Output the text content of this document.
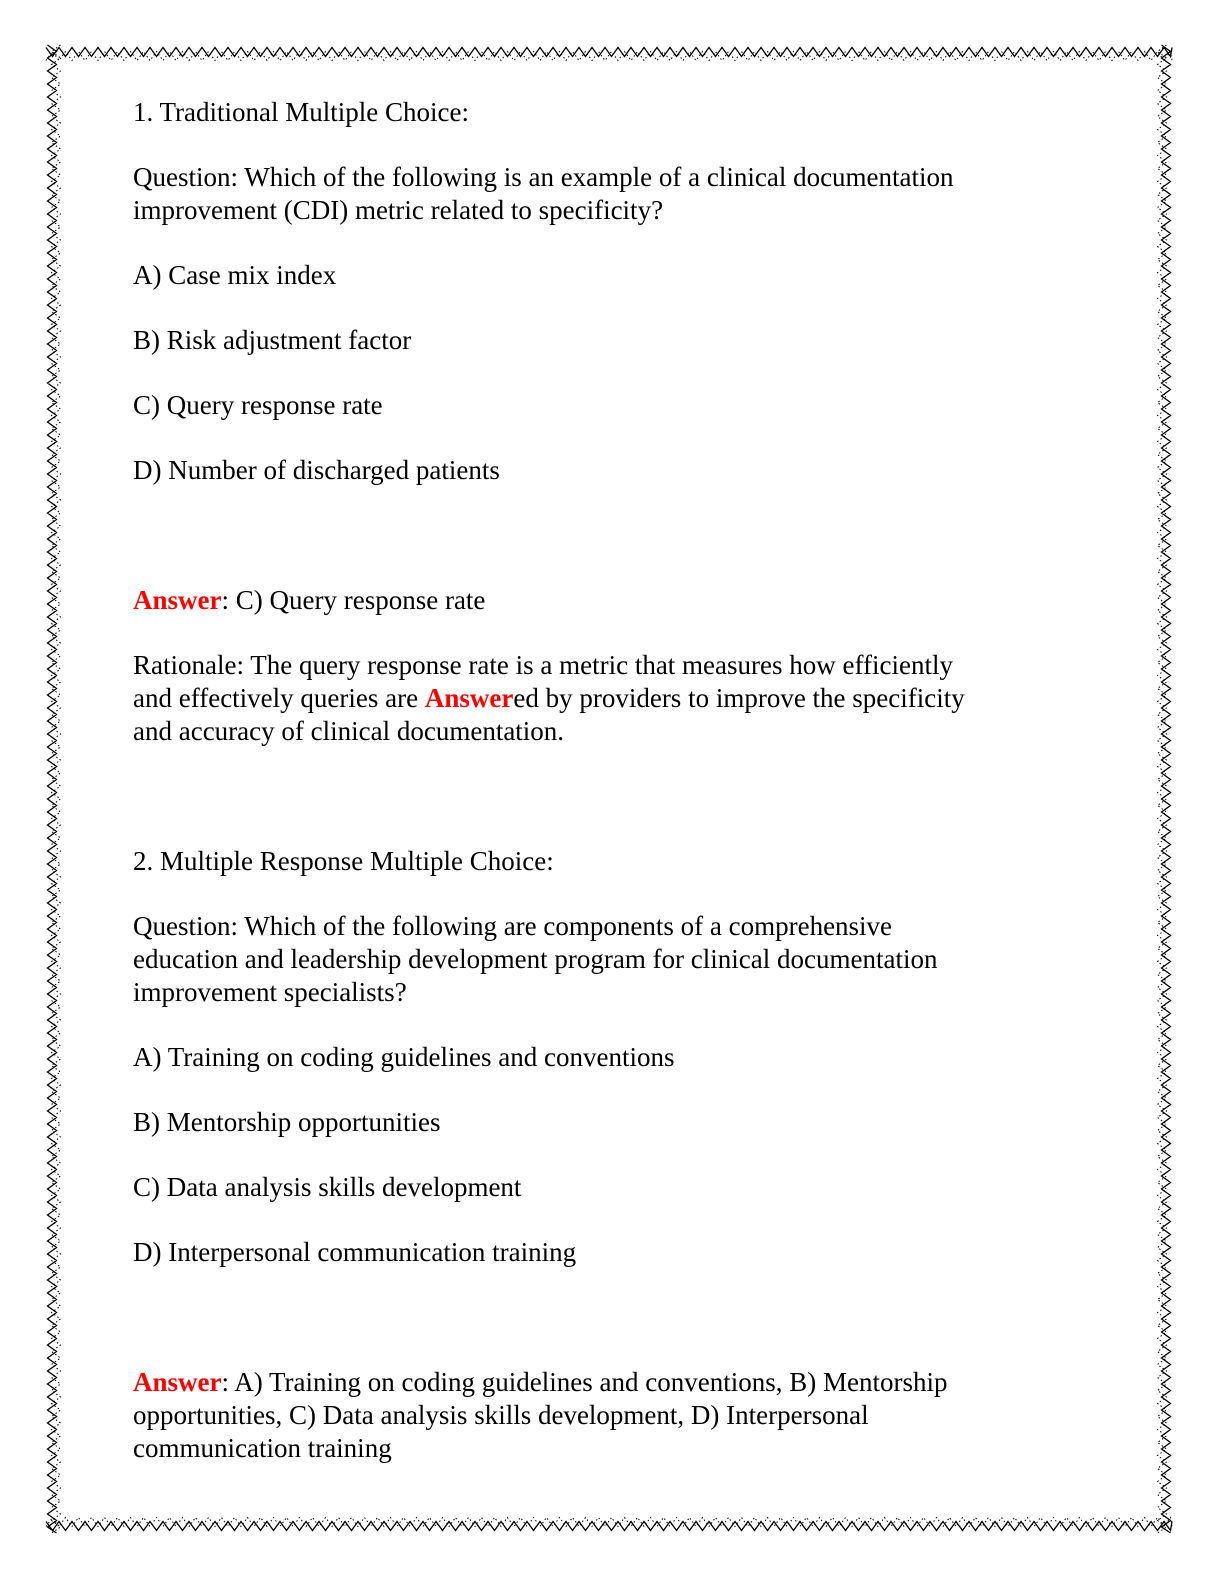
1. Traditional Multiple Choice:

Question: Which of the following is an example of a clinical documentation
improvement (CDI) metric related to specificity?

A) Case mix index

B) Risk adjustment factor

C) Query response rate

D) Number of discharged patients

Answer: C) Query response rate

Rationale: The query response rate is a metric that measures how efficiently
and effectively queries are Answered by providers to improve the specificity
and accuracy of clinical documentation.

2. Multiple Response Multiple Choice:

Question: Which of the following are components of a comprehensive
education and leadership development program for clinical documentation
improvement specialists?

A) Training on coding guidelines and conventions

B) Mentorship opportunities

C) Data analysis skills development

D) Interpersonal communication training

Answer: A) Training on coding guidelines and conventions, B) Mentorship
opportunities, C) Data analysis skills development, D) Interpersonal
communication training
